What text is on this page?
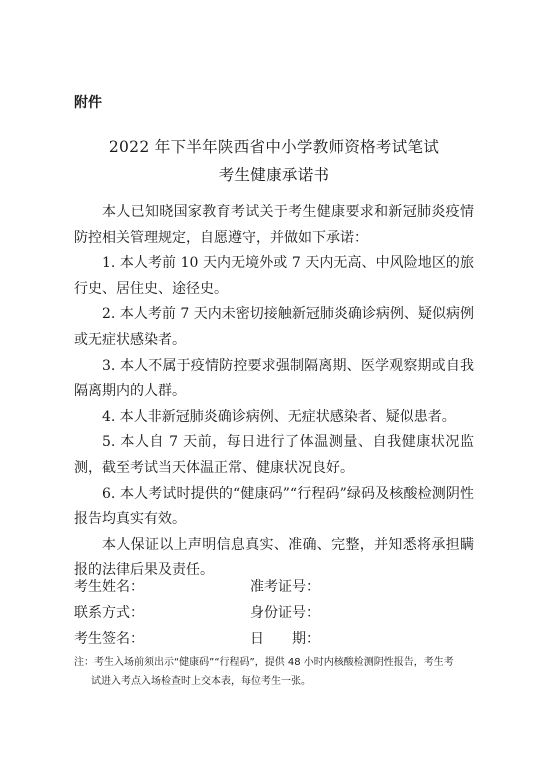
附件
2022 年下半年陕西省中小学教师资格考试笔试
考生健康承诺书

本人已知晓国家教育考试关于考生健康要求和新冠肺炎疫情防控相关管理规定，自愿遵守，并做如下承诺：

1. 本人考前 10 天内无境外或 7 天内无高、中风险地区的旅行史、居住史、途径史。

2. 本人考前 7 天内未密切接触新冠肺炎确诊病例、疑似病例或无症状感染者。

3. 本人不属于疫情防控要求强制隔离期、医学观察期或自我隔离期内的人群。

4. 本人非新冠肺炎确诊病例、无症状感染者、疑似患者。

5. 本人自 7 天前，每日进行了体温测量、自我健康状况监测，截至考试当天体温正常、健康状况良好。

6. 本人考试时提供的“健康码”“行程码”绿码及核酸检测阴性报告均真实有效。

本人保证以上声明信息真实、准确、完整，并知悉将承担瞒报的法律后果及责任。

考生姓名：	准考证号：
联系方式：	身份证号：
考生签名：	日　　期：
注：考生入场前须出示“健康码”“行程码”，提供 48 小时内核酸检测阴性报告，考生考
试进入考点入场检查时上交本表，每位考生一张。
